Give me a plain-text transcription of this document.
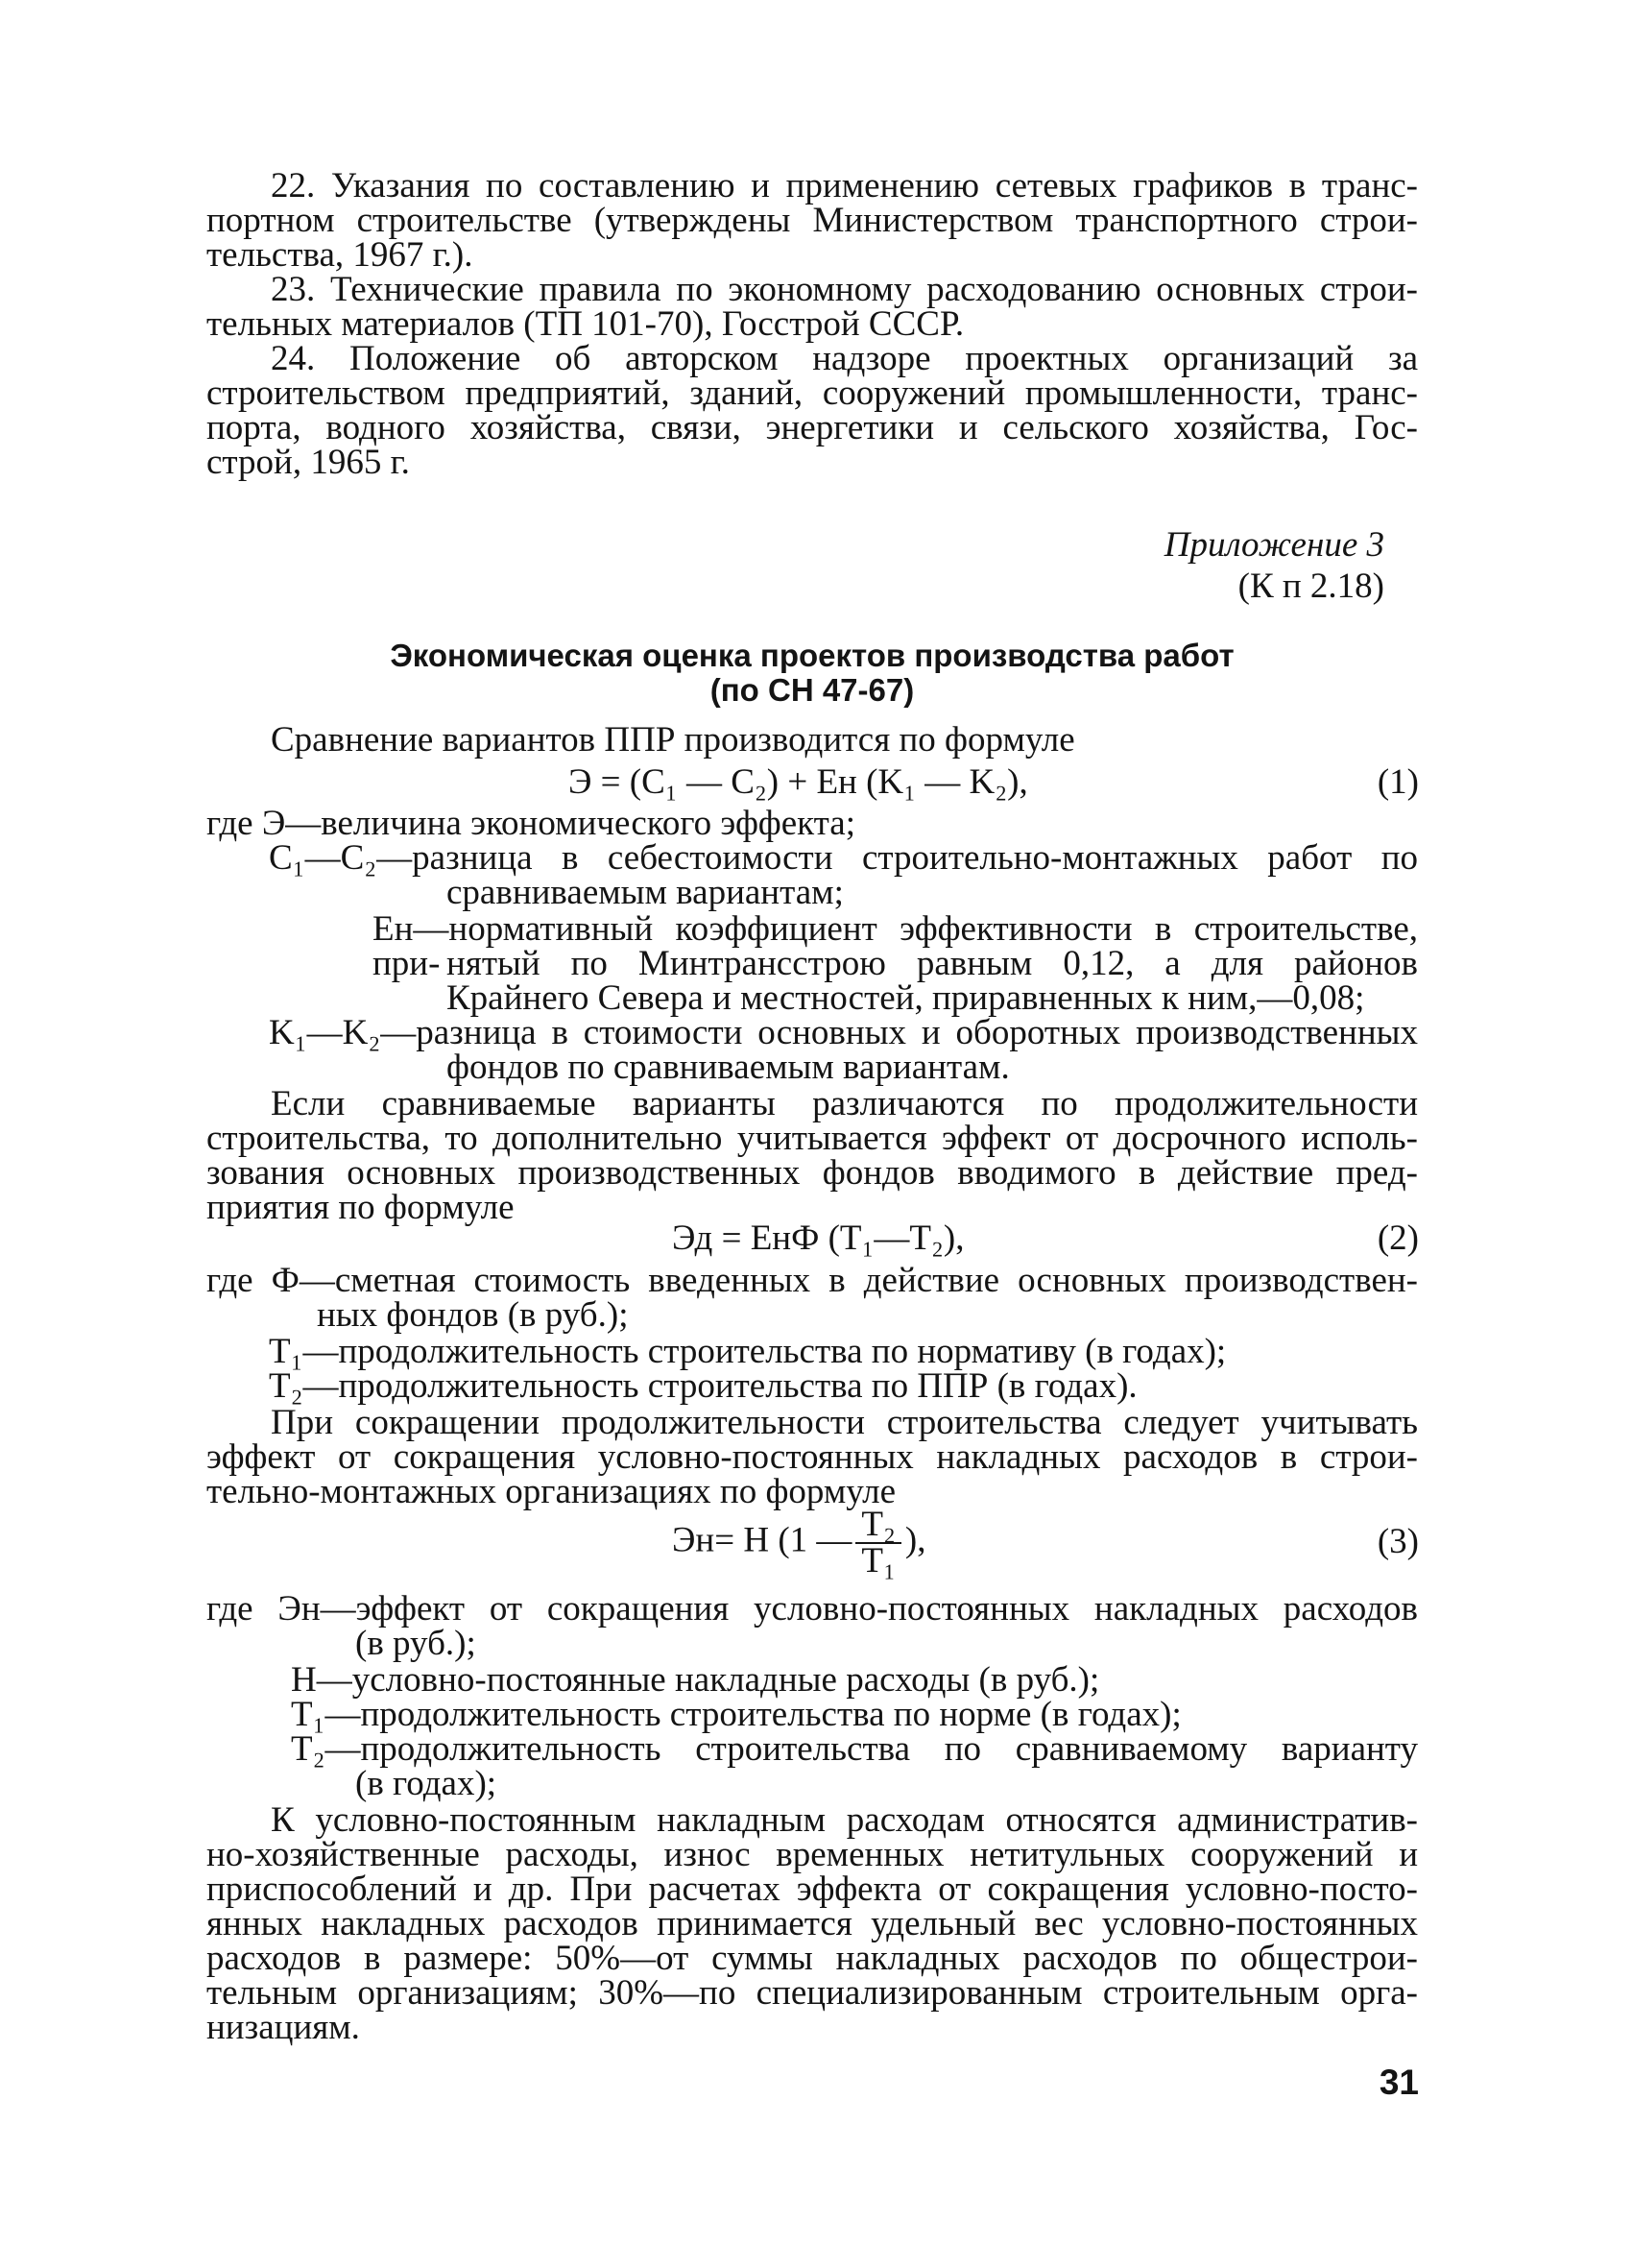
22. Указания по составлению и применению сетевых графиков в транс-
портном строительстве (утверждены Министерством транспортного строи-
тельства, 1967 г.).
23. Технические правила по экономному расходованию основных строи-
тельных материалов (ТП 101-70), Госстрой СССР.
24. Положение об авторском надзоре проектных организаций за
строительством предприятий, зданий, сооружений промышленности, транс-
порта, водного хозяйства, связи, энергетики и сельского хозяйства, Гос-
строй, 1965 г.
Приложение 3
(К п 2.18)
Экономическая оценка проектов производства работ
(по СН 47-67)
Сравнение вариантов ППР производится по формуле
Э = (C₁ — C₂) + Eн (K₁ — K₂),	(1)
где Э—величина экономического эффекта;
C₁—C₂—разница в себестоимости строительно-монтажных работ по
сравниваемым вариантам;
Eн—нормативный коэффициент эффективности в строительстве, при- нятый по Минтрансстрою равным 0,12, а для районов
Крайнего Севера и местностей, приравненных к ним,—0,08;
K₁—K₂—разница в стоимости основных и оборотных производственных
фондов по сравниваемым вариантам.
Если сравниваемые варианты различаются по продолжительности
строительства, то дополнительно учитывается эффект от досрочного исполь-
зования основных производственных фондов вводимого в действие пред-
приятия по формуле
Эд = EнФ (T₁—T₂),	(2)
где Ф—сметная стоимость введенных в действие основных производствен-
ных фондов (в руб.);
T₁—продолжительность строительства по нормативу (в годах);
T₂—продолжительность строительства по ППР (в годах).
При сокращении продолжительности строительства следует учитывать
эффект от сокращения условно-постоянных накладных расходов в строи-
тельно-монтажных организациях по формуле
Эн= H (1 — $\frac{\text{T₂}}{\text{T₁}}$ ),	(3)
где Эн—эффект от сокращения условно-постоянных накладных расходов
(в руб.);
H—условно-постоянные накладные расходы (в руб.);
T₁—продолжительность строительства по норме (в годах);
T₂—продолжительность строительства по сравниваемому варианту
(в годах);
К условно-постоянным накладным расходам относятся административ-
но-хозяйственные расходы, износ временных нетитульных сооружений и
приспособлений и др. При расчетах эффекта от сокращения условно-посто-
янных накладных расходов принимается удельный вес условно-постоянных
расходов в размере: 50%—от суммы накладных расходов по общестрои-
тельным организациям; 30%—по специализированным строительным орга-
низациям.
31
